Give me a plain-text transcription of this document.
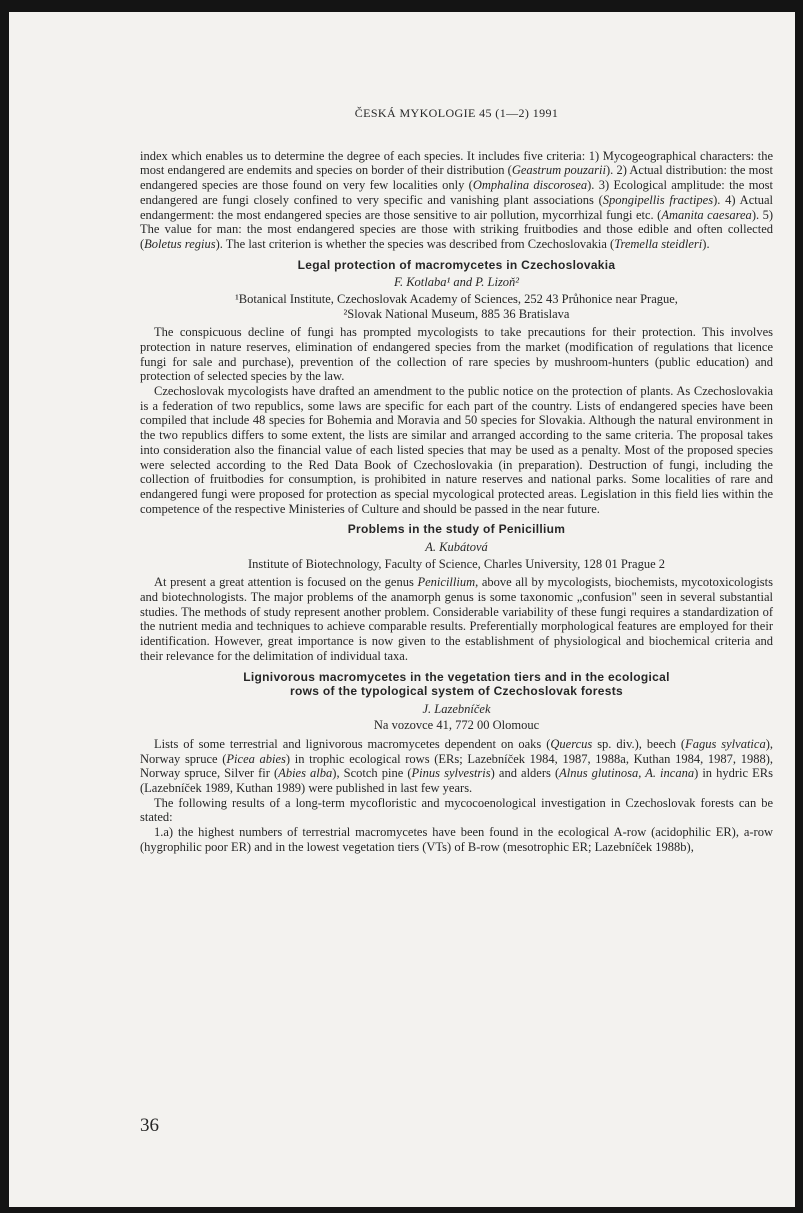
ČESKÁ MYKOLOGIE 45 (1—2) 1991

index which enables us to determine the degree of each species. It includes five criteria: 1) Mycogeographical characters: the most endangered are endemits and species on border of their distribution (Geastrum pouzarii). 2) Actual distribution: the most endangered species are those found on very few localities only (Omphalina discorosea). 3) Ecological amplitude: the most endangered are fungi closely confined to very specific and vanishing plant associations (Spongipellis fractipes). 4) Actual endangerment: the most endangered species are those sensitive to air pollution, mycorrhizal fungi etc. (Amanita caesarea). 5) The value for man: the most endangered species are those with striking fruitbodies and those edible and often collected (Boletus regius). The last criterion is whether the species was described from Czechoslovakia (Tremella steidleri).

Legal protection of macromycetes in Czechoslovakia
F. Kotlaba¹ and P. Lizoň²
¹Botanical Institute, Czechoslovak Academy of Sciences, 252 43 Průhonice near Prague,
²Slovak National Museum, 885 36 Bratislava

The conspicuous decline of fungi has prompted mycologists to take precautions for their protection. This involves protection in nature reserves, elimination of endangered species from the market (modification of regulations that licence fungi for sale and purchase), prevention of the collection of rare species by mushroom-hunters (public education) and protection of selected species by the law.

Czechoslovak mycologists have drafted an amendment to the public notice on the protection of plants. As Czechoslovakia is a federation of two republics, some laws are specific for each part of the country. Lists of endangered species have been compiled that include 48 species for Bohemia and Moravia and 50 species for Slovakia. Although the natural environment in the two republics differs to some extent, the lists are similar and arranged according to the same criteria. The proposal takes into consideration also the financial value of each listed species that may be used as a penalty. Most of the proposed species were selected according to the Red Data Book of Czechoslovakia (in preparation). Destruction of fungi, including the collection of fruitbodies for consumption, is prohibited in nature reserves and national parks. Some localities of rare and endangered fungi were proposed for protection as special mycological protected areas. Legislation in this field lies within the competence of the respective Ministeries of Culture and should be passed in the near future.

Problems in the study of Penicillium
A. Kubátová
Institute of Biotechnology, Faculty of Science, Charles University, 128 01 Prague 2

At present a great attention is focused on the genus Penicillium, above all by mycologists, biochemists, mycotoxicologists and biotechnologists. The major problems of the anamorph genus is some taxonomic „confusion" seen in several substantial studies. The methods of study represent another problem. Considerable variability of these fungi requires a standardization of the nutrient media and techniques to achieve comparable results. Preferentially morphological features are employed for their identification. However, great importance is now given to the establishment of physiological and biochemical criteria and their relevance for the delimitation of individual taxa.

Lignivorous macromycetes in the vegetation tiers and in the ecological
rows of the typological system of Czechoslovak forests
J. Lazebníček
Na vozovce 41, 772 00 Olomouc

Lists of some terrestrial and lignivorous macromycetes dependent on oaks (Quercus sp. div.), beech (Fagus sylvatica), Norway spruce (Picea abies) in trophic ecological rows (ERs; Lazebníček 1984, 1987, 1988a, Kuthan 1984, 1987, 1988), Norway spruce, Silver fir (Abies alba), Scotch pine (Pinus sylvestris) and alders (Alnus glutinosa, A. incana) in hydric ERs (Lazebníček 1989, Kuthan 1989) were published in last few years.

The following results of a long-term mycofloristic and mycocoenological investigation in Czechoslovak forests can be stated:

1.a) the highest numbers of terrestrial macromycetes have been found in the ecological A-row (acidophilic ER), a-row (hygrophilic poor ER) and in the lowest vegetation tiers (VTs) of B-row (mesotrophic ER; Lazebníček 1988b),

36
